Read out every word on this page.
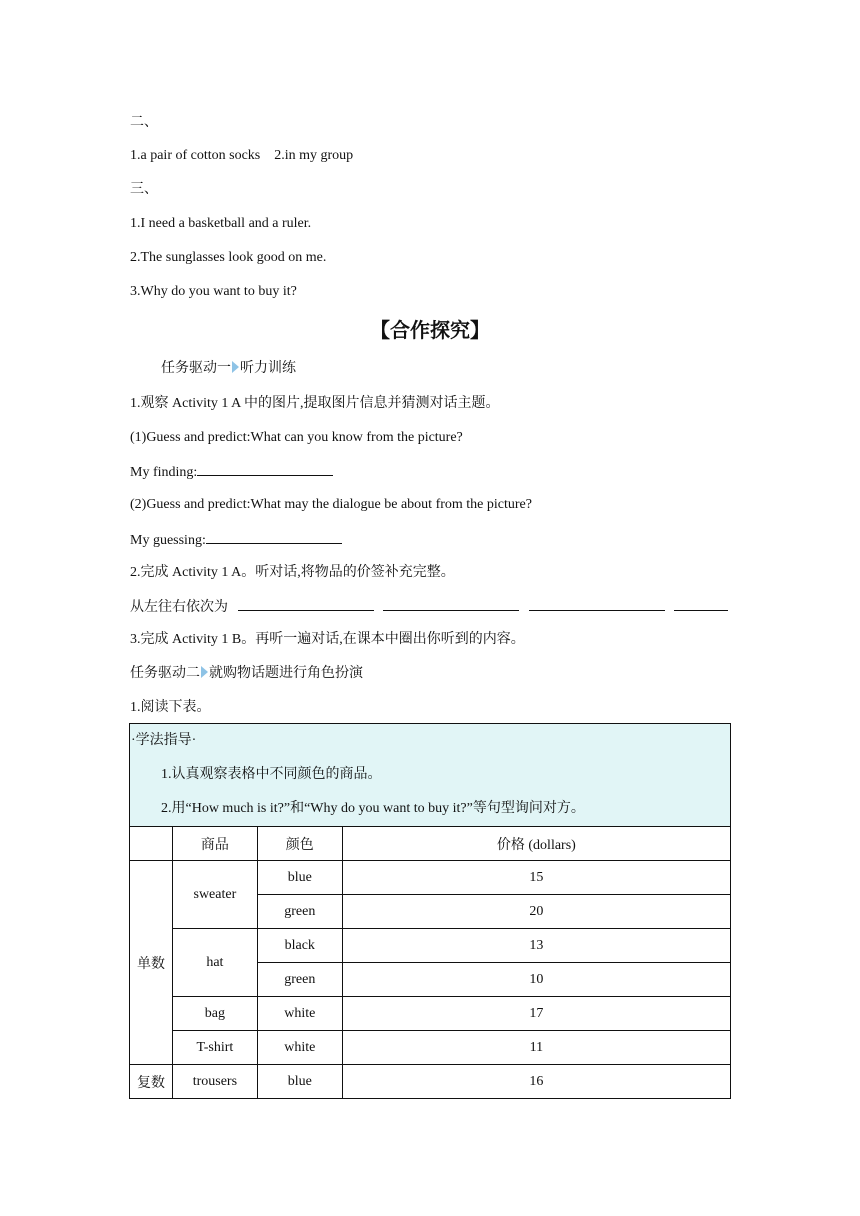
二、
1.a pair of cotton socks    2.in my group
三、
1.I need a basketball and a ruler.
2.The sunglasses look good on me.
3.Why do you want to buy it?
【合作探究】
任务驱动一 听力训练
1.观察 Activity 1 A 中的图片,提取图片信息并猜测对话主题。
(1)Guess and predict:What can you know from the picture?
My finding:
(2)Guess and predict:What may the dialogue be about from the picture?
My guessing:
2.完成 Activity 1 A。听对话,将物品的价签补充完整。
从左往右依次为
3.完成 Activity 1 B。再听一遍对话,在课本中圈出你听到的内容。
任务驱动二 就购物话题进行角色扮演
1.阅读下表。
·学法指导·
1.认真观察表格中不同颜色的商品。
2.用“How much is it?”和“Why do you want to buy it?”等句型询问对方。
	商品	颜色	价格 (dollars)
单数	sweater	blue	15
		green	20
	hat	black	13
		green	10
	bag	white	17
	T-shirt	white	11
复数	trousers	blue	16
